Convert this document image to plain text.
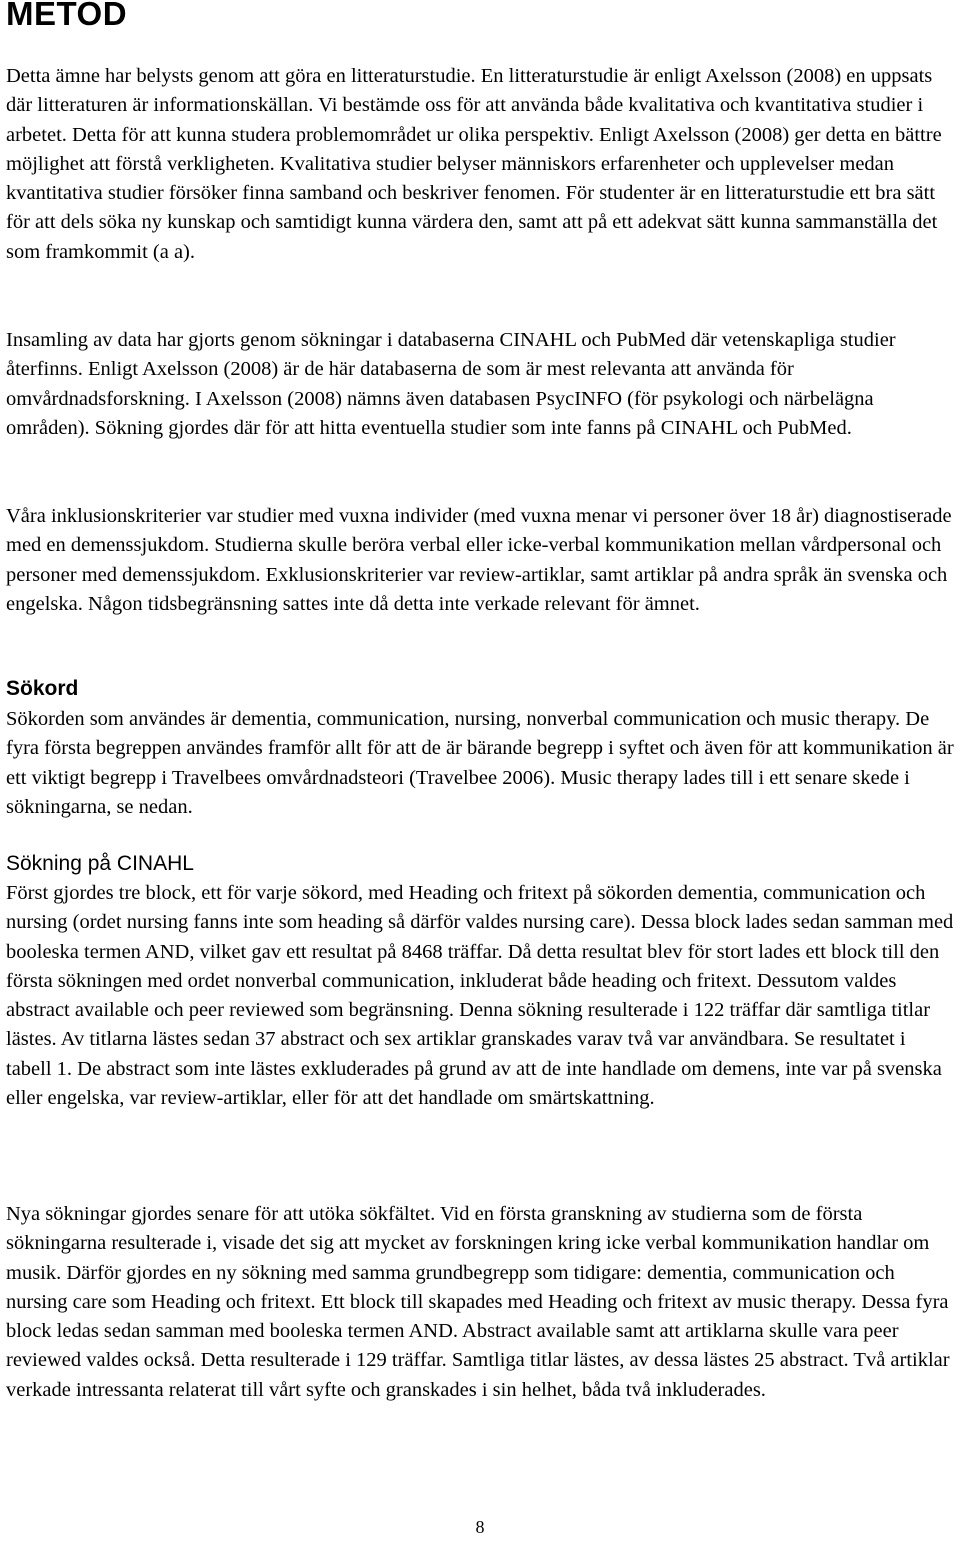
METOD

Detta ämne har belysts genom att göra en litteraturstudie. En litteraturstudie är enligt Axelsson (2008) en uppsats där litteraturen är informationskällan. Vi bestämde oss för att använda både kvalitativa och kvantitativa studier i arbetet. Detta för att kunna studera problemområdet ur olika perspektiv. Enligt Axelsson (2008) ger detta en bättre möjlighet att förstå verkligheten. Kvalitativa studier belyser människors erfarenheter och upplevelser medan kvantitativa studier försöker finna samband och beskriver fenomen. För studenter är en litteraturstudie ett bra sätt för att dels söka ny kunskap och samtidigt kunna värdera den, samt att på ett adekvat sätt kunna sammanställa det som framkommit (a a).

Insamling av data har gjorts genom sökningar i databaserna CINAHL och PubMed där vetenskapliga studier återfinns. Enligt Axelsson (2008) är de här databaserna de som är mest relevanta att använda för omvårdnadsforskning. I Axelsson (2008) nämns även databasen PsycINFO (för psykologi och närbelägna områden). Sökning gjordes där för att hitta eventuella studier som inte fanns på CINAHL och PubMed.

Våra inklusionskriterier var studier med vuxna individer (med vuxna menar vi personer över 18 år) diagnostiserade med en demenssjukdom. Studierna skulle beröra verbal eller icke-verbal kommunikation mellan vårdpersonal och personer med demenssjukdom. Exklusionskriterier var review-artiklar, samt artiklar på andra språk än svenska och engelska. Någon tidsbegränsning sattes inte då detta inte verkade relevant för ämnet.

Sökord

Sökorden som användes är dementia, communication, nursing, nonverbal communication och music therapy. De fyra första begreppen användes framför allt för att de är bärande begrepp i syftet och även för att kommunikation är ett viktigt begrepp i Travelbees omvårdnadsteori (Travelbee 2006). Music therapy lades till i ett senare skede i sökningarna, se nedan.

Sökning på CINAHL

Först gjordes tre block, ett för varje sökord, med Heading och fritext på sökorden dementia, communication och nursing (ordet nursing fanns inte som heading så därför valdes nursing care). Dessa block lades sedan samman med booleska termen AND, vilket gav ett resultat på 8468 träffar. Då detta resultat blev för stort lades ett block till den första sökningen med ordet nonverbal communication, inkluderat både heading och fritext. Dessutom valdes abstract available och peer reviewed som begränsning. Denna sökning resulterade i 122 träffar där samtliga titlar lästes. Av titlarna lästes sedan 37 abstract och sex artiklar granskades varav två var användbara. Se resultatet i tabell 1. De abstract som inte lästes exkluderades på grund av att de inte handlade om demens, inte var på svenska eller engelska, var review-artiklar, eller för att det handlade om smärtskattning.

Nya sökningar gjordes senare för att utöka sökfältet. Vid en första granskning av studierna som de första sökningarna resulterade i, visade det sig att mycket av forskningen kring icke verbal kommunikation handlar om musik. Därför gjordes en ny sökning med samma grundbegrepp som tidigare: dementia, communication och nursing care som Heading och fritext. Ett block till skapades med Heading och fritext av music therapy. Dessa fyra block ledas sedan samman med booleska termen AND. Abstract available samt att artiklarna skulle vara peer reviewed valdes också. Detta resulterade i 129 träffar. Samtliga titlar lästes, av dessa lästes 25 abstract. Två artiklar verkade intressanta relaterat till vårt syfte och granskades i sin helhet, båda två inkluderades.

8
